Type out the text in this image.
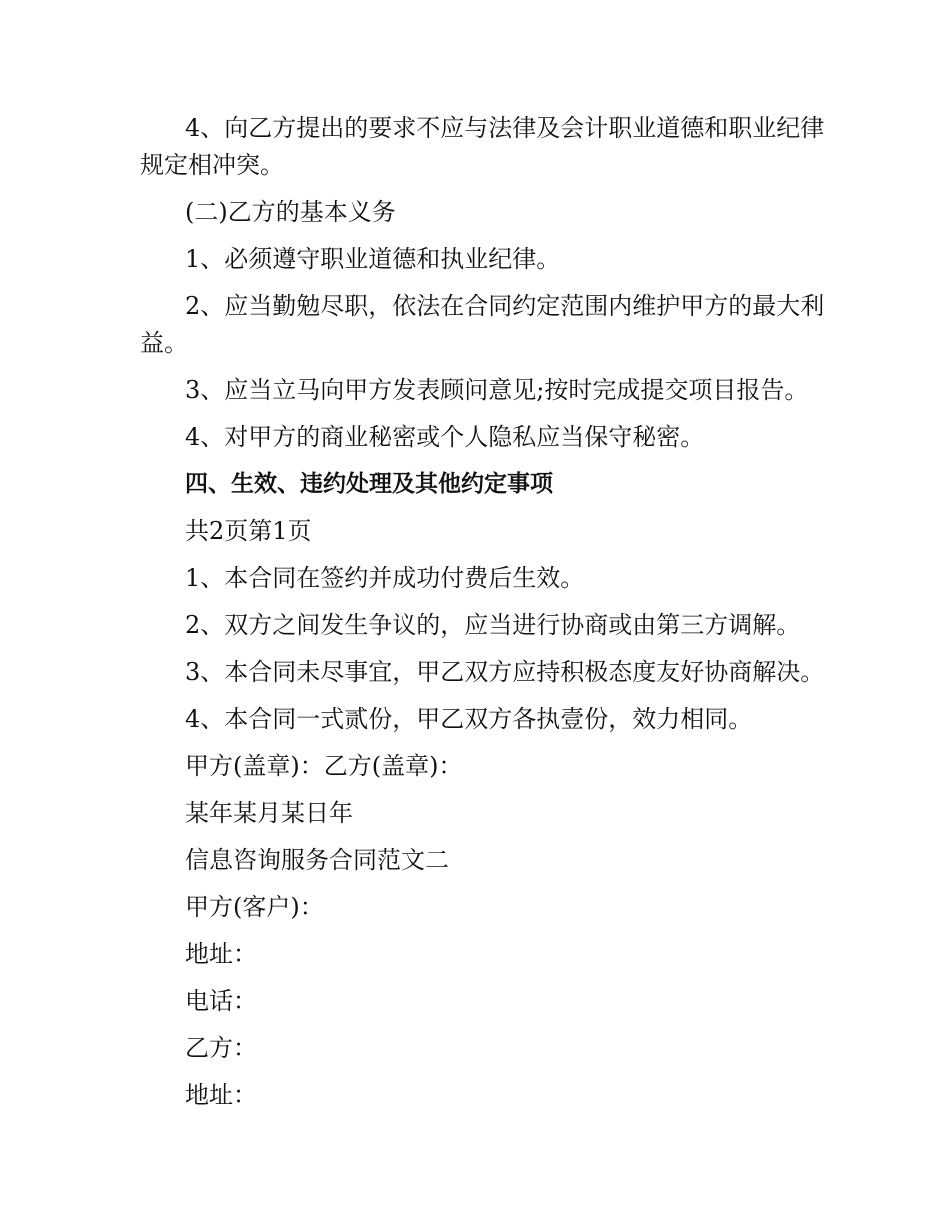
4、向乙方提出的要求不应与法律及会计职业道德和职业纪律规定相冲突。

(二)乙方的基本义务

1、必须遵守职业道德和执业纪律。

2、应当勤勉尽职，依法在合同约定范围内维护甲方的最大利益。

3、应当立马向甲方发表顾问意见;按时完成提交项目报告。

4、对甲方的商业秘密或个人隐私应当保守秘密。

四、生效、违约处理及其他约定事项

共2页第1页

1、本合同在签约并成功付费后生效。

2、双方之间发生争议的，应当进行协商或由第三方调解。

3、本合同未尽事宜，甲乙双方应持积极态度友好协商解决。

4、本合同一式贰份，甲乙双方各执壹份，效力相同。

甲方(盖章)：乙方(盖章)：

某年某月某日年

信息咨询服务合同范文二

甲方(客户)：

地址：

电话：

乙方：

地址：
